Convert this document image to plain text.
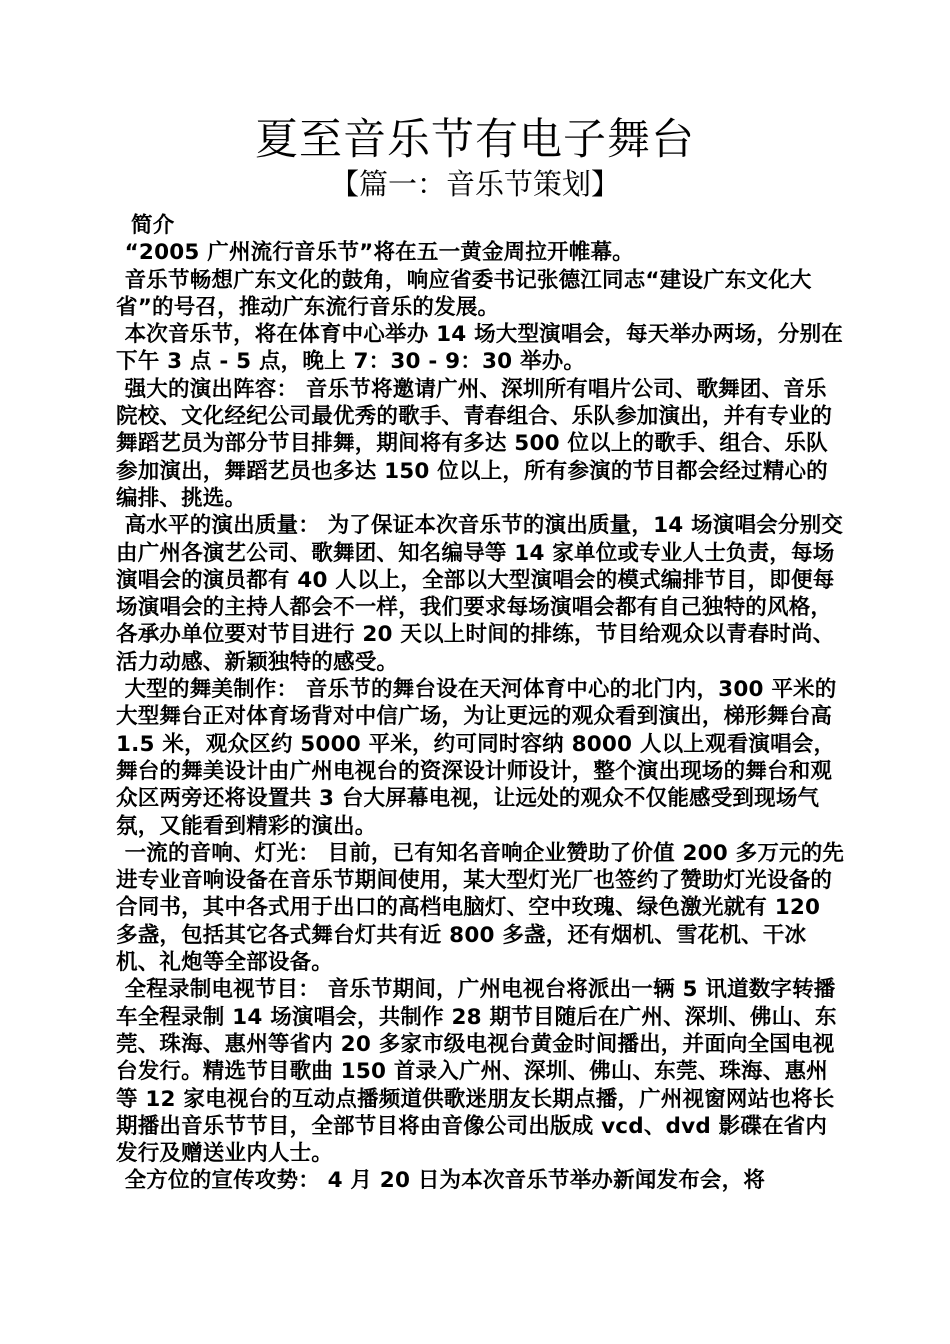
夏至音乐节有电子舞台
【篇一：音乐节策划】

简介

“2005 广州流行音乐节”将在五一黄金周拉开帷幕。

音乐节畅想广东文化的鼓角，响应省委书记张德江同志“建设广东文化大省”的号召，推动广东流行音乐的发展。

本次音乐节，将在体育中心举办 14 场大型演唱会，每天举办两场，分别在下午 3 点 - 5 点，晚上 7：30 - 9：30 举办。

强大的演出阵容： 音乐节将邀请广州、深圳所有唱片公司、歌舞团、音乐院校、文化经纪公司最优秀的歌手、青春组合、乐队参加演出，并有专业的舞蹈艺员为部分节目排舞，期间将有多达 500 位以上的歌手、组合、乐队参加演出，舞蹈艺员也多达 150 位以上，所有参演的节目都会经过精心的编排、挑选。

高水平的演出质量： 为了保证本次音乐节的演出质量，14 场演唱会分别交由广州各演艺公司、歌舞团、知名编导等 14 家单位或专业人士负责，每场演唱会的演员都有 40 人以上，全部以大型演唱会的模式编排节目，即便每场演唱会的主持人都会不一样，我们要求每场演唱会都有自己独特的风格，各承办单位要对节目进行 20 天以上时间的排练，节目给观众以青春时尚、活力动感、新颖独特的感受。

大型的舞美制作： 音乐节的舞台设在天河体育中心的北门内，300 平米的大型舞台正对体育场背对中信广场，为让更远的观众看到演出，梯形舞台高 1.5 米，观众区约 5000 平米，约可同时容纳 8000 人以上观看演唱会，舞台的舞美设计由广州电视台的资深设计师设计，整个演出现场的舞台和观众区两旁还将设置共 3 台大屏幕电视，让远处的观众不仅能感受到现场气氛，又能看到精彩的演出。

一流的音响、灯光： 目前，已有知名音响企业赞助了价值 200 多万元的先进专业音响设备在音乐节期间使用，某大型灯光厂也签约了赞助灯光设备的合同书，其中各式用于出口的高档电脑灯、空中玫瑰、绿色激光就有 120 多盏，包括其它各式舞台灯共有近 800 多盏，还有烟机、雪花机、干冰机、礼炮等全部设备。

全程录制电视节目： 音乐节期间，广州电视台将派出一辆 5 讯道数字转播车全程录制 14 场演唱会，共制作 28 期节目随后在广州、深圳、佛山、东莞、珠海、惠州等省内 20 多家市级电视台黄金时间播出，并面向全国电视台发行。精选节目歌曲 150 首录入广州、深圳、佛山、东莞、珠海、惠州等 12 家电视台的互动点播频道供歌迷朋友长期点播，广州视窗网站也将长期播出音乐节节目，全部节目将由音像公司出版成 vcd、dvd 影碟在省内发行及赠送业内人士。

全方位的宣传攻势： 4 月 20 日为本次音乐节举办新闻发布会，将
